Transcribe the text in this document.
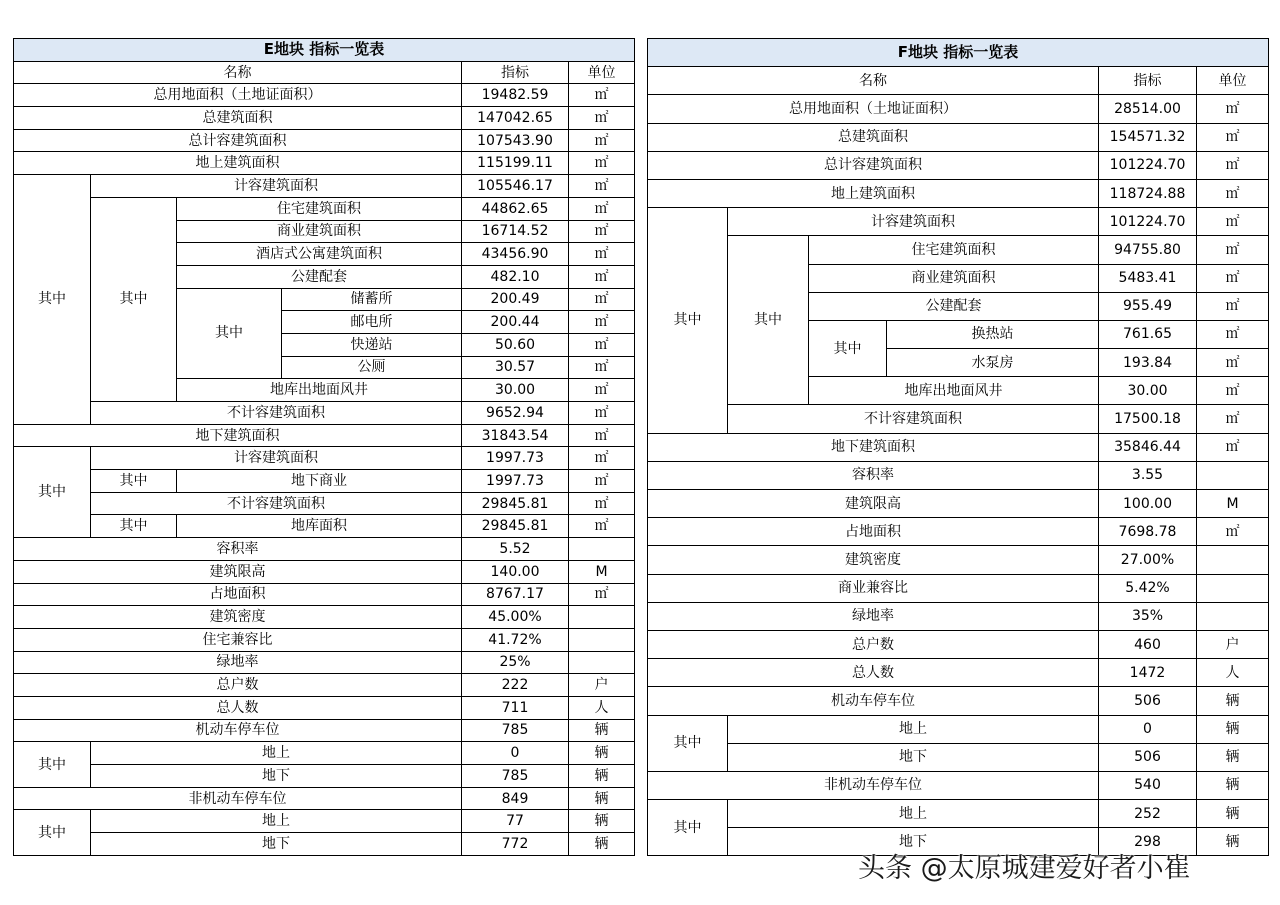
E地块 指标一览表					
名称				指标	单位
总用地面积（土地证面积）				19482.59	㎡
总建筑面积				147042.65	㎡
总计容建筑面积				107543.90	㎡
地上建筑面积				115199.11	㎡
其中	计容建筑面积			105546.17	㎡
	其中	住宅建筑面积		44862.65	㎡
		商业建筑面积		16714.52	㎡
		酒店式公寓建筑面积		43456.90	㎡
		公建配套		482.10	㎡
		其中	储蓄所	200.49	㎡
			邮电所	200.44	㎡
			快递站	50.60	㎡
			公厕	30.57	㎡
		地库出地面风井		30.00	㎡
	不计容建筑面积			9652.94	㎡
地下建筑面积				31843.54	㎡
其中	计容建筑面积			1997.73	㎡
	其中	地下商业		1997.73	㎡
	不计容建筑面积			29845.81	㎡
	其中	地库面积		29845.81	㎡
容积率				5.52	
建筑限高				140.00	M
占地面积				8767.17	㎡
建筑密度				45.00%	
住宅兼容比				41.72%	
绿地率				25%	
总户数				222	户
总人数				711	人
机动车停车位				785	辆
其中	地上			0	辆
	地下			785	辆
非机动车停车位				849	辆
其中	地上			77	辆
	地下			772	辆
F地块 指标一览表					
名称				指标	单位
总用地面积（土地证面积）				28514.00	㎡
总建筑面积				154571.32	㎡
总计容建筑面积				101224.70	㎡
地上建筑面积				118724.88	㎡
其中	计容建筑面积			101224.70	㎡
	其中	住宅建筑面积		94755.80	㎡
		商业建筑面积		5483.41	㎡
		公建配套		955.49	㎡
		其中	换热站	761.65	㎡
			水泵房	193.84	㎡
		地库出地面风井		30.00	㎡
	不计容建筑面积			17500.18	㎡
地下建筑面积				35846.44	㎡
容积率				3.55	
建筑限高				100.00	M
占地面积				7698.78	㎡
建筑密度				27.00%	
商业兼容比				5.42%	
绿地率				35%	
总户数				460	户
总人数				1472	人
机动车停车位				506	辆
其中	地上			0	辆
	地下			506	辆
非机动车停车位				540	辆
其中	地上			252	辆
	地下			298	辆
头条 @太原城建爱好者小崔
